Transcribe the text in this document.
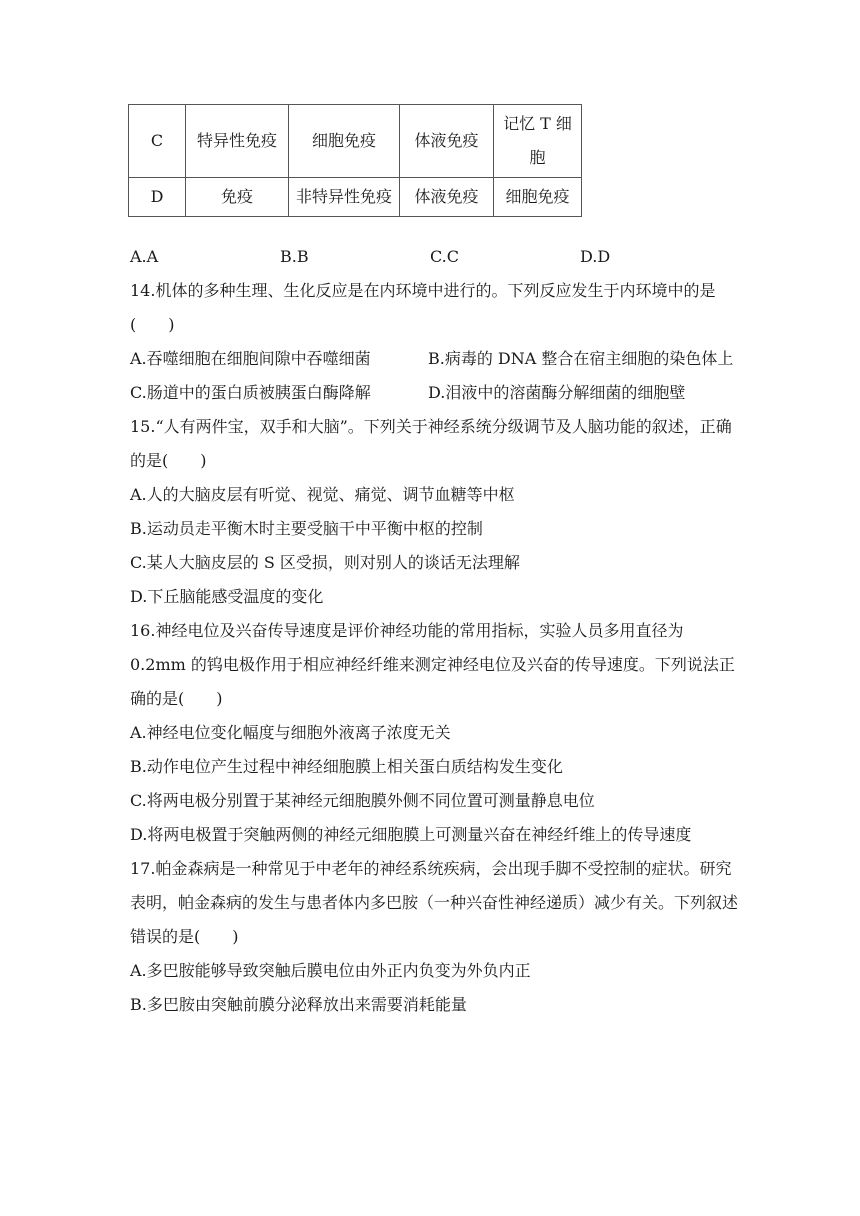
C	特异性免疫	细胞免疫	体液免疫	记忆 T 细胞
D	免疫	非特异性免疫	体液免疫	细胞免疫
A.A	B.B	C.C	D.D
14.机体的多种生理、生化反应是在内环境中进行的。下列反应发生于内环境中的是(　　)
A.吞噬细胞在细胞间隙中吞噬细菌	B.病毒的 DNA 整合在宿主细胞的染色体上
C.肠道中的蛋白质被胰蛋白酶降解	D.泪液中的溶菌酶分解细菌的细胞壁
15.“人有两件宝，双手和大脑”。下列关于神经系统分级调节及人脑功能的叙述，正确的是(　　)
A.人的大脑皮层有听觉、视觉、痛觉、调节血糖等中枢
B.运动员走平衡木时主要受脑干中平衡中枢的控制
C.某人大脑皮层的 S 区受损，则对别人的谈话无法理解
D.下丘脑能感受温度的变化
16.神经电位及兴奋传导速度是评价神经功能的常用指标，实验人员多用直径为 0.2mm 的钨电极作用于相应神经纤维来测定神经电位及兴奋的传导速度。下列说法正确的是(　　)
A.神经电位变化幅度与细胞外液离子浓度无关
B.动作电位产生过程中神经细胞膜上相关蛋白质结构发生变化
C.将两电极分别置于某神经元细胞膜外侧不同位置可测量静息电位
D.将两电极置于突触两侧的神经元细胞膜上可测量兴奋在神经纤维上的传导速度
17.帕金森病是一种常见于中老年的神经系统疾病，会出现手脚不受控制的症状。研究表明，帕金森病的发生与患者体内多巴胺（一种兴奋性神经递质）减少有关。下列叙述错误的是(　　)
A.多巴胺能够导致突触后膜电位由外正内负变为外负内正
B.多巴胺由突触前膜分泌释放出来需要消耗能量
